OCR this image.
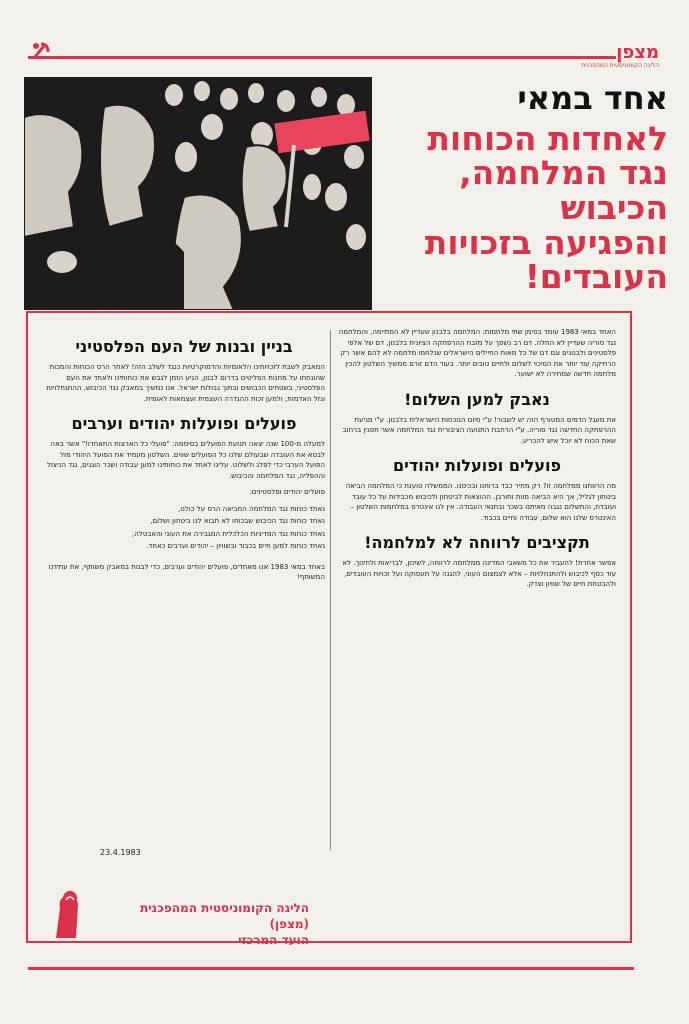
מצפן
הליגה הקומוניסטית המהפכנית
אחד במאי

לאחדות הכוחות

נגד המלחמה, הכיבוש

והפגיעה בזכויות

העובדים!

האחד במאי 1983 עומד בסימן שתי מלחמות: המלחמה בלבנון שעדיין לא הסתיימה, והמלחמה נגד סוריה שעדיין לא החלה. דם רב נשפך על מזבח ההרפתקה הציונית בלבנון, דם של אלפי פלסטינים ולבנונים וגם דם של כל מאות החיילים הישראלים שנלחמו מלחמה לא להם אשר רק הרחיקה עוד יותר את הסיכוי לשלום ולחיים טובים יותר. בעוד הדם זורם ממשיך השלטון להכין מלחמה חדשה שמחירה לא ישוער.

נאבק למען השלום!

את מעגל הדמים המטורף הזה יש לשבור! ע"י סיום הנוכחות הישראלית בלבנון. ע"י מניעת ההרפתקה החדשה נגד סוריה. ע"י הרחבת התנועה הציבורית נגד המלחמה אשר תפגין ברחוב שאת הכוח לא יוכל איש להכריע.

פועלים ופועלות יהודים

מה הרווחנו ממלחמה זו? רק מחיר כבד ברוחנו ובכיסנו. הממשלה טוענת כי המלחמה הביאה ביטחון לגליל, אך היא הביאה מוות וחורבן. ההוצאות לביטחון ולכיבוש מכבידות על כל עובד ועובדת, והתשלום נגבה מאיתנו בשכר ובתנאי העבודה. אין לנו אינטרס במלחמות השלטון – האינטרס שלנו הוא שלום, עבודה וחיים בכבוד.

תקציבים לרווחה לא למלחמה!

אפשר אחרת! להעביר את כל משאבי המדינה ממלחמה לרווחה, לשיכון, לבריאות ולחינוך. לא עוד כסף לכיבוש ולהתנחלויות – אלא לצמצום העוני, להגנה על תעסוקה ועל זכויות העובדים, ולהבטחת חיים של שוויון וצדק.

בניין ובנות של העם הפלסטיני

המאבק לשבת לזכויותינו הלאומיות והדמוקרטיות כנגד לשלב הזה! לאחר הרס הכוחות והמכות שהונחתו על מחנות הפליטים בדרום לבנון, הגיע הזמן לגבש את כוחותינו ולאחד את העם הפלסטיני, בשטחים הכבושים ובתוך גבולות ישראל. אנו נמשיך במאבק נגד הכיבוש, ההתנחלויות וגזל האדמות, ולמען זכות ההגדרה העצמית ועצמאות לאומית.

פועלים ופועלות יהודים וערבים

למעלה מ-100 שנה יצאה תנועת הפועלים בסיסמה: "פועלי כל הארצות התאחדו!" אשר באה לבטא את העובדה שבעולם שלנו כל הפועלים שווים. השלטון מעמיד את הפועל היהודי מול הפועל הערבי כדי לפלג ולשלוט. עלינו לאחד את כוחותינו למען עבודה ושכר הוגנים, נגד הניצול וההפליה, נגד המלחמה והכיבוש.

פועלים יהודים ופלסטינים:

נאחד כוחות נגד המלחמה המביאה הרס על כולנו,

נאחד כוחות נגד הכיבוש שבכוחו לא תבוא לנו ביטחון ושלום,

נאחד כוחות נגד המדיניות הכלכלית המגבירה את העוני והאבטלה,

נאחד כוחות למען חיים בכבוד ובשוויון – יהודים וערבים כאחד.

באחד במאי 1983 אנו מאחדים, פועלים יהודים וערבים, כדי לבנות במאבק משותף, את עתידנו המשותף!

23.4.1983
הליגה הקומוניסטית המהפכנית
(מצפן)
הועד המרכזי
